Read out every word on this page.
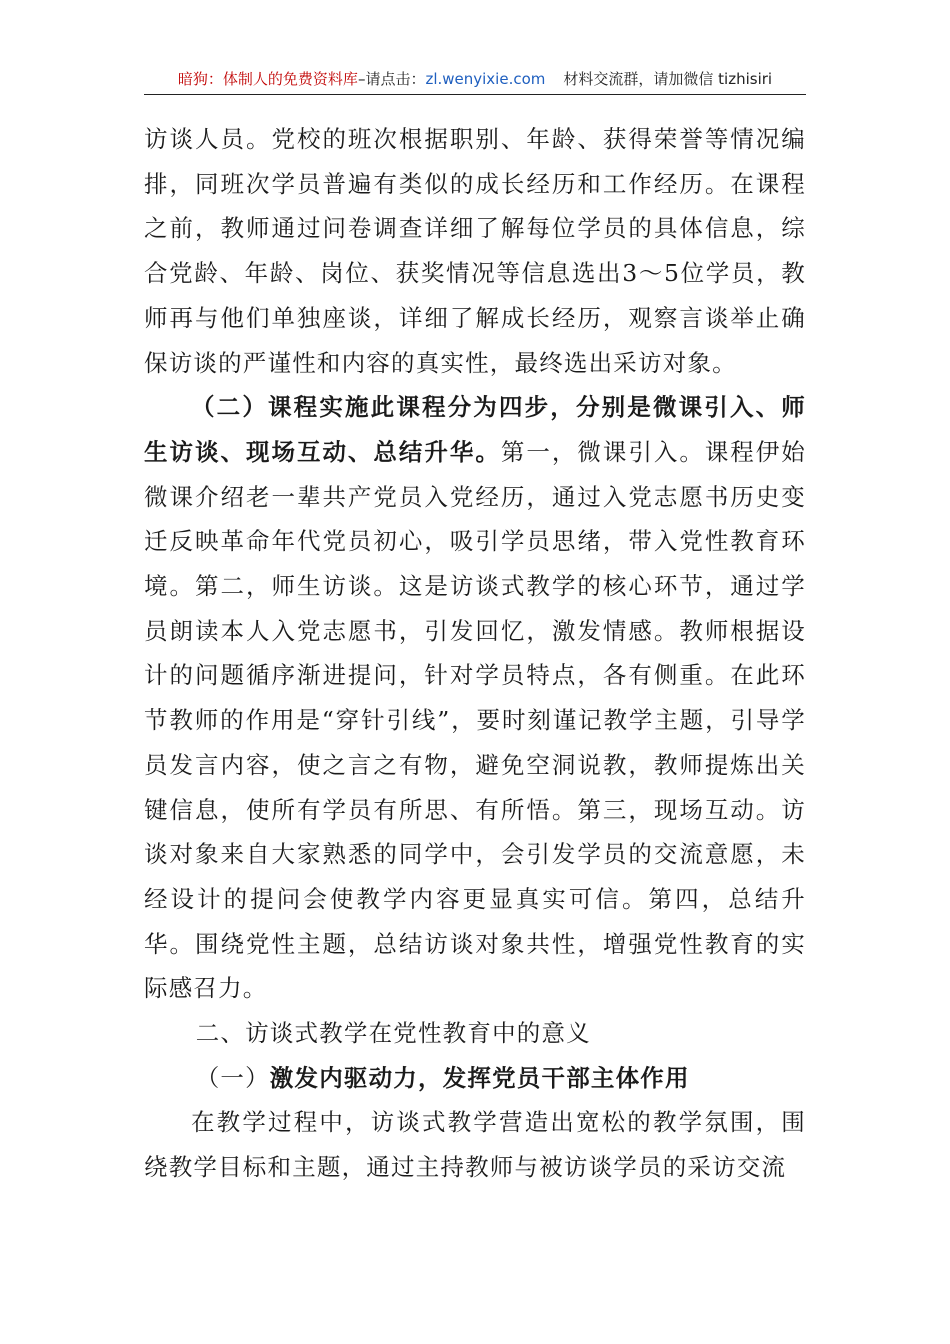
暗狗：体制人的免费资料库–请点击：zl.wenyixie.com 材料交流群，请加微信 tizhisiri

访谈人员。党校的班次根据职别、年龄、获得荣誉等情况编排，同班次学员普遍有类似的成长经历和工作经历。在课程之前，教师通过问卷调查详细了解每位学员的具体信息，综合党龄、年龄、岗位、获奖情况等信息选出3～5位学员，教师再与他们单独座谈，详细了解成长经历，观察言谈举止确保访谈的严谨性和内容的真实性，最终选出采访对象。

（二）课程实施此课程分为四步，分别是微课引入、师生访谈、现场互动、总结升华。第一，微课引入。课程伊始微课介绍老一辈共产党员入党经历，通过入党志愿书历史变迁反映革命年代党员初心，吸引学员思绪，带入党性教育环境。第二，师生访谈。这是访谈式教学的核心环节，通过学员朗读本人入党志愿书，引发回忆，激发情感。教师根据设计的问题循序渐进提问，针对学员特点，各有侧重。在此环节教师的作用是“穿针引线”，要时刻谨记教学主题，引导学员发言内容，使之言之有物，避免空洞说教，教师提炼出关键信息，使所有学员有所思、有所悟。第三，现场互动。访谈对象来自大家熟悉的同学中，会引发学员的交流意愿，未经设计的提问会使教学内容更显真实可信。第四，总结升华。围绕党性主题，总结访谈对象共性，增强党性教育的实际感召力。

二、访谈式教学在党性教育中的意义

（一）激发内驱动力，发挥党员干部主体作用

在教学过程中，访谈式教学营造出宽松的教学氛围，围绕教学目标和主题，通过主持教师与被访谈学员的采访交流
